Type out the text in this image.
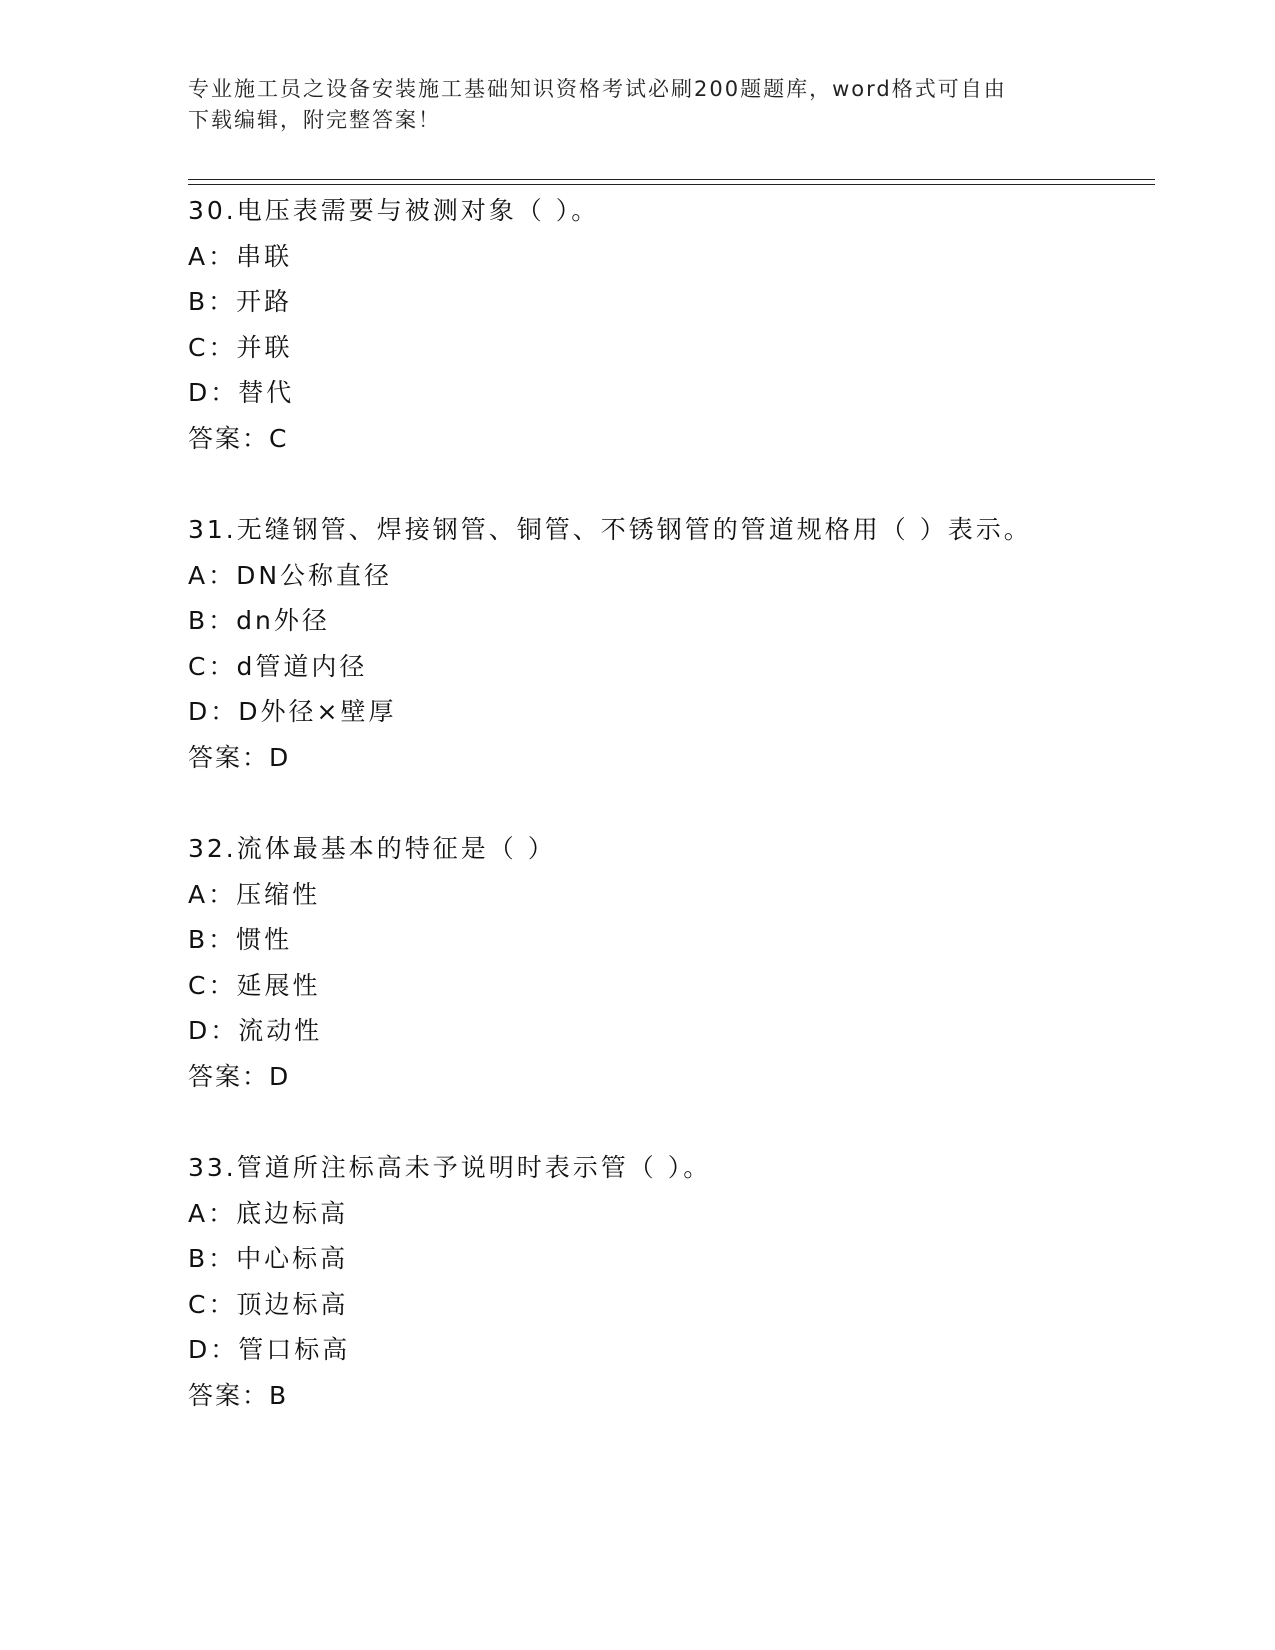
专业施工员之设备安装施工基础知识资格考试必刷200题题库，word格式可自由
下载编辑，附完整答案！
30.电压表需要与被测对象（ ）。
A：串联
B：开路
C：并联
D：替代
答案：C
31.无缝钢管、焊接钢管、铜管、不锈钢管的管道规格用（ ）表示。
A：DN公称直径
B：dn外径
C：d管道内径
D：D外径×壁厚
答案：D
32.流体最基本的特征是（ ）
A：压缩性
B：惯性
C：延展性
D：流动性
答案：D
33.管道所注标高未予说明时表示管（ ）。
A：底边标高
B：中心标高
C：顶边标高
D：管口标高
答案：B
